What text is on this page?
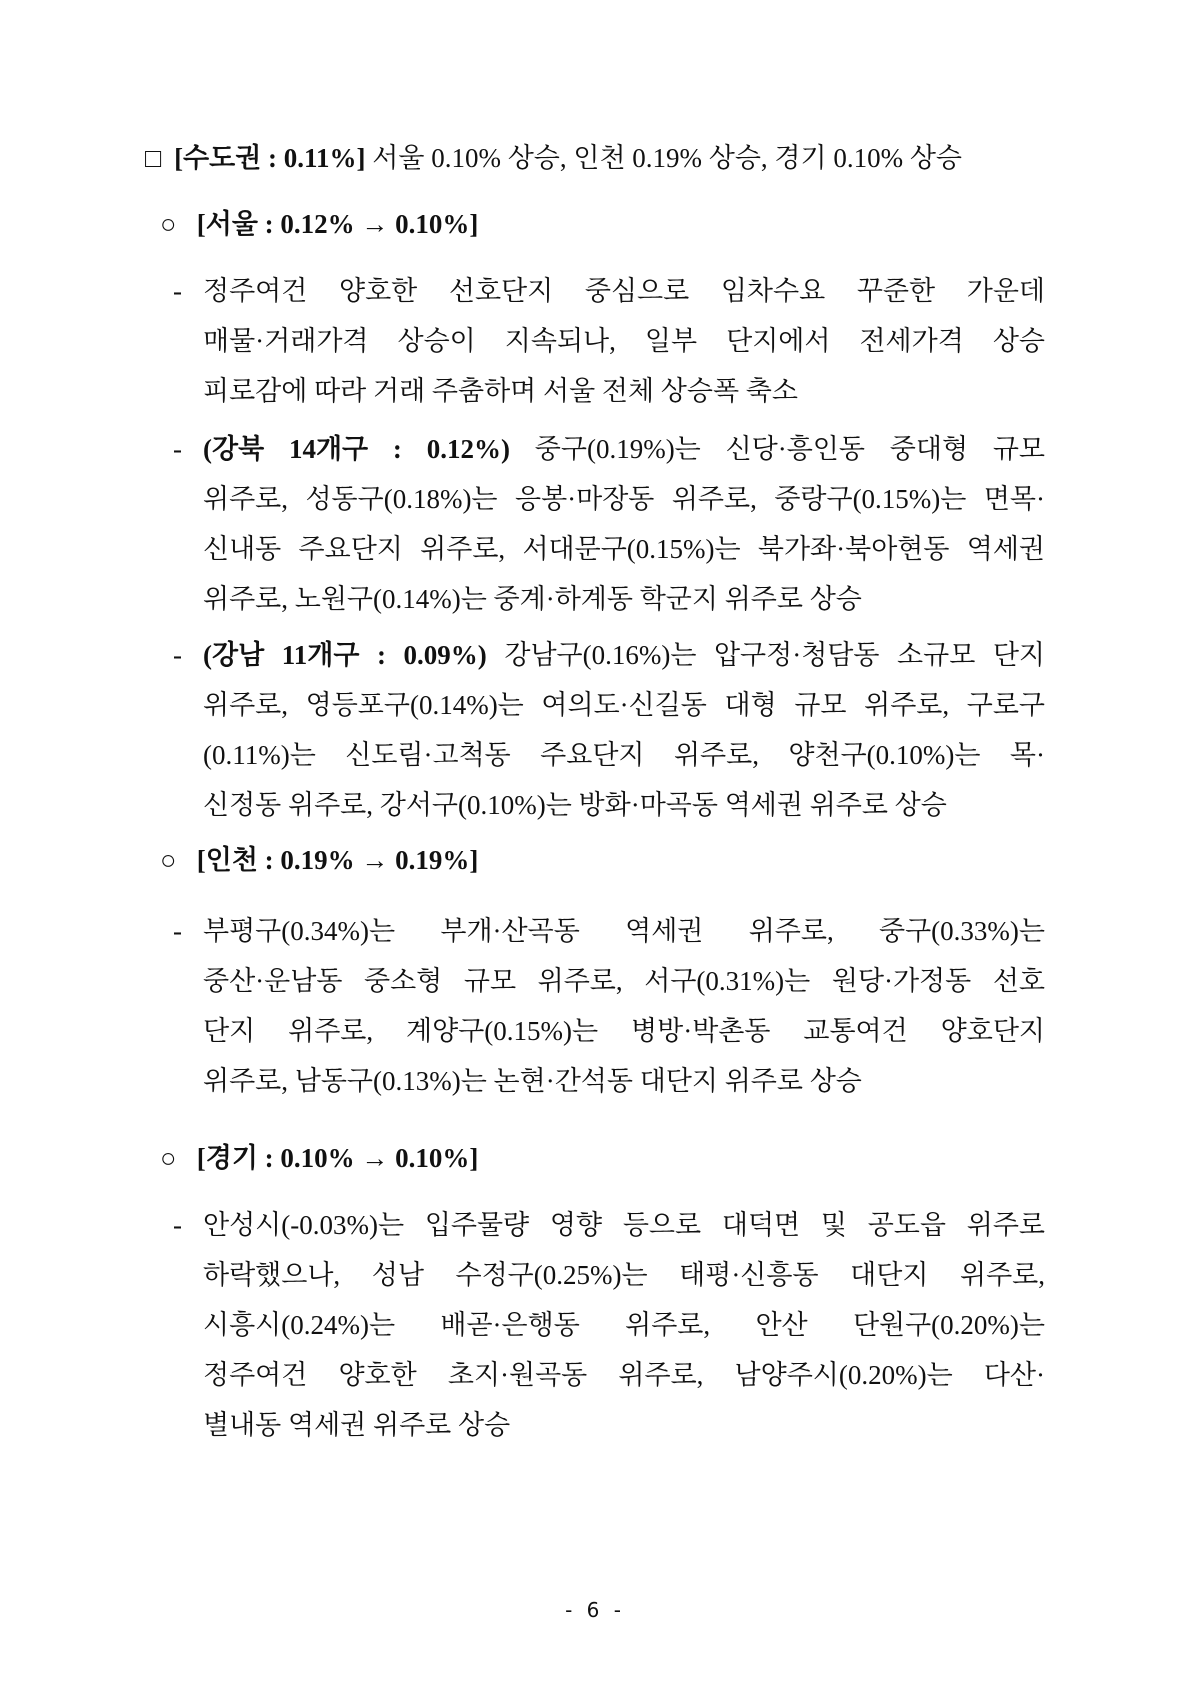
□ [수도권 : 0.11%] 서울 0.10% 상승, 인천 0.19% 상승, 경기 0.10% 상승
○ [서울 : 0.12% → 0.10%]
- 정주여건 양호한 선호단지 중심으로 임차수요 꾸준한 가운데
매물·거래가격 상승이 지속되나, 일부 단지에서 전세가격 상승
피로감에 따라 거래 주춤하며 서울 전체 상승폭 축소
- (강북 14개구 : 0.12%) 중구(0.19%)는 신당·흥인동 중대형 규모
위주로, 성동구(0.18%)는 응봉·마장동 위주로, 중랑구(0.15%)는 면목·
신내동 주요단지 위주로, 서대문구(0.15%)는 북가좌·북아현동 역세권
위주로, 노원구(0.14%)는 중계·하계동 학군지 위주로 상승
- (강남 11개구 : 0.09%) 강남구(0.16%)는 압구정·청담동 소규모 단지
위주로, 영등포구(0.14%)는 여의도·신길동 대형 규모 위주로, 구로구
(0.11%)는 신도림·고척동 주요단지 위주로, 양천구(0.10%)는 목·
신정동 위주로, 강서구(0.10%)는 방화·마곡동 역세권 위주로 상승
○ [인천 : 0.19% → 0.19%]
- 부평구(0.34%)는 부개·산곡동 역세권 위주로, 중구(0.33%)는
중산·운남동 중소형 규모 위주로, 서구(0.31%)는 원당·가정동 선호
단지 위주로, 계양구(0.15%)는 병방·박촌동 교통여건 양호단지
위주로, 남동구(0.13%)는 논현·간석동 대단지 위주로 상승
○ [경기 : 0.10% → 0.10%]
- 안성시(-0.03%)는 입주물량 영향 등으로 대덕면 및 공도읍 위주로
하락했으나, 성남 수정구(0.25%)는 태평·신흥동 대단지 위주로,
시흥시(0.24%)는 배곧·은행동 위주로, 안산 단원구(0.20%)는
정주여건 양호한 초지·원곡동 위주로, 남양주시(0.20%)는 다산·
별내동 역세권 위주로 상승
- 6 -
